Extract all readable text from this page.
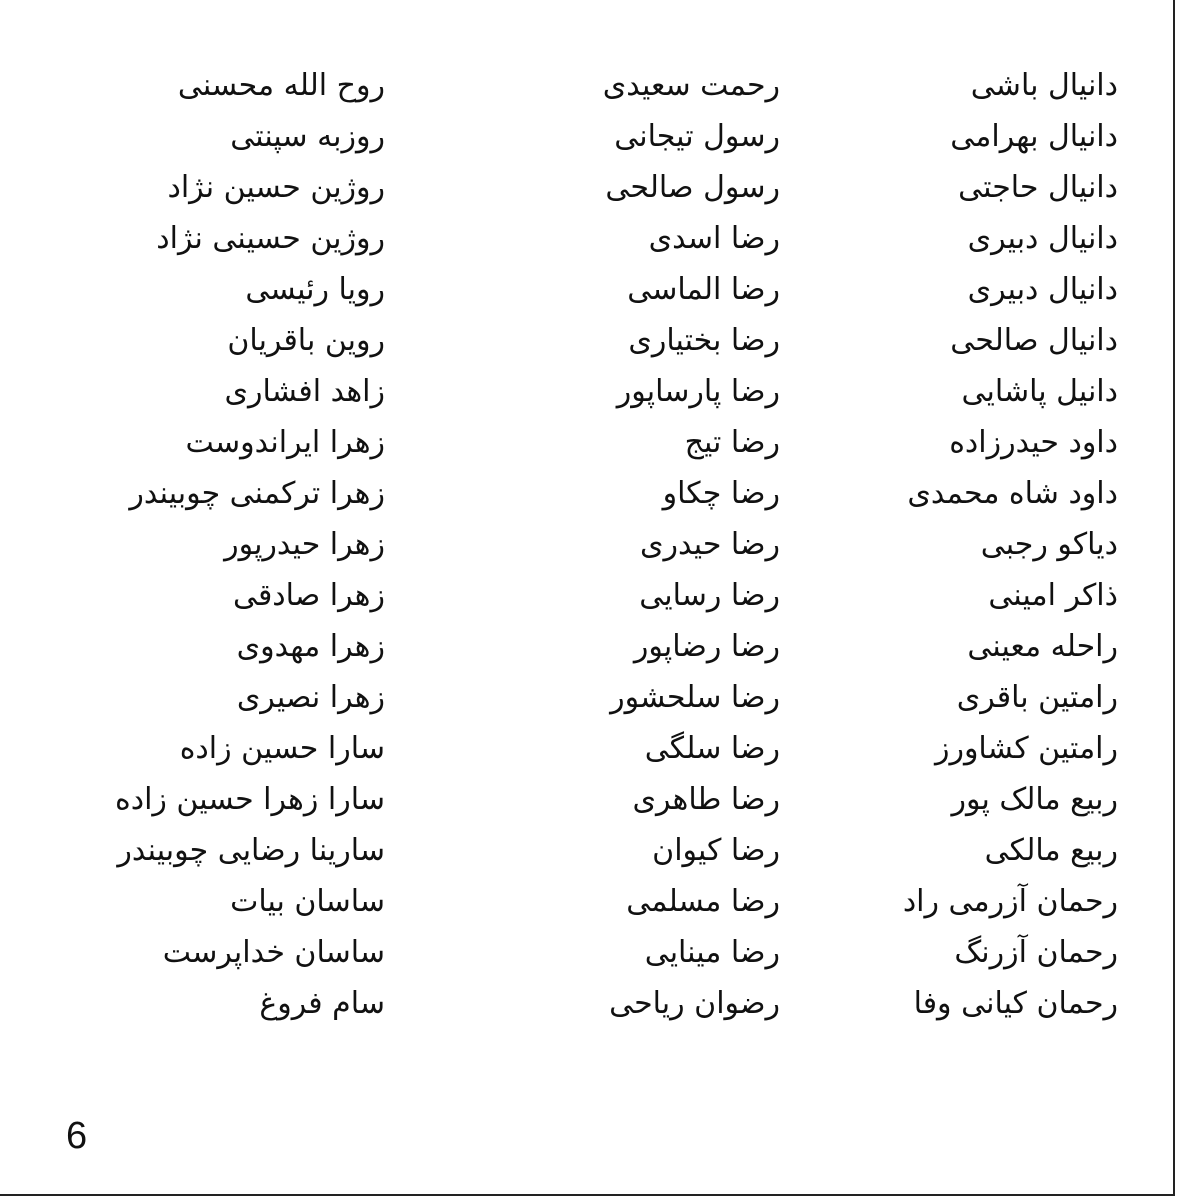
دانیال باشی
دانیال بهرامی
دانیال حاجتی
دانیال دبیری
دانیال دبیری
دانیال صالحی
دانیل پاشایی
داود حیدرزاده
داود شاه محمدی
دیاکو رجبی
ذاکر امینی
راحله معینی
رامتین باقری
رامتین کشاورز
ربیع مالک پور
ربیع مالکی
رحمان آزرمی راد
رحمان آزرنگ
رحمان کیانی وفا
رحمت سعیدی
رسول تیجانی
رسول صالحی
رضا اسدی
رضا الماسی
رضا بختیاری
رضا پارساپور
رضا تیج
رضا چکاو
رضا حیدری
رضا رسایی
رضا رضاپور
رضا سلحشور
رضا سلگی
رضا طاهری
رضا کیوان
رضا مسلمی
رضا مینایی
رضوان ریاحی
روح الله محسنی
روزبه سپنتی
روژین حسین نژاد
روژین حسینی نژاد
رویا رئیسی
روین باقریان
زاهد افشاری
زهرا ایراندوست
زهرا ترکمنی چوبیندر
زهرا حیدرپور
زهرا صادقی
زهرا مهدوی
زهرا نصیری
سارا حسین زاده
سارا زهرا حسین زاده
سارینا رضایی چوبیندر
ساسان بیات
ساسان خداپرست
سام فروغ
6
